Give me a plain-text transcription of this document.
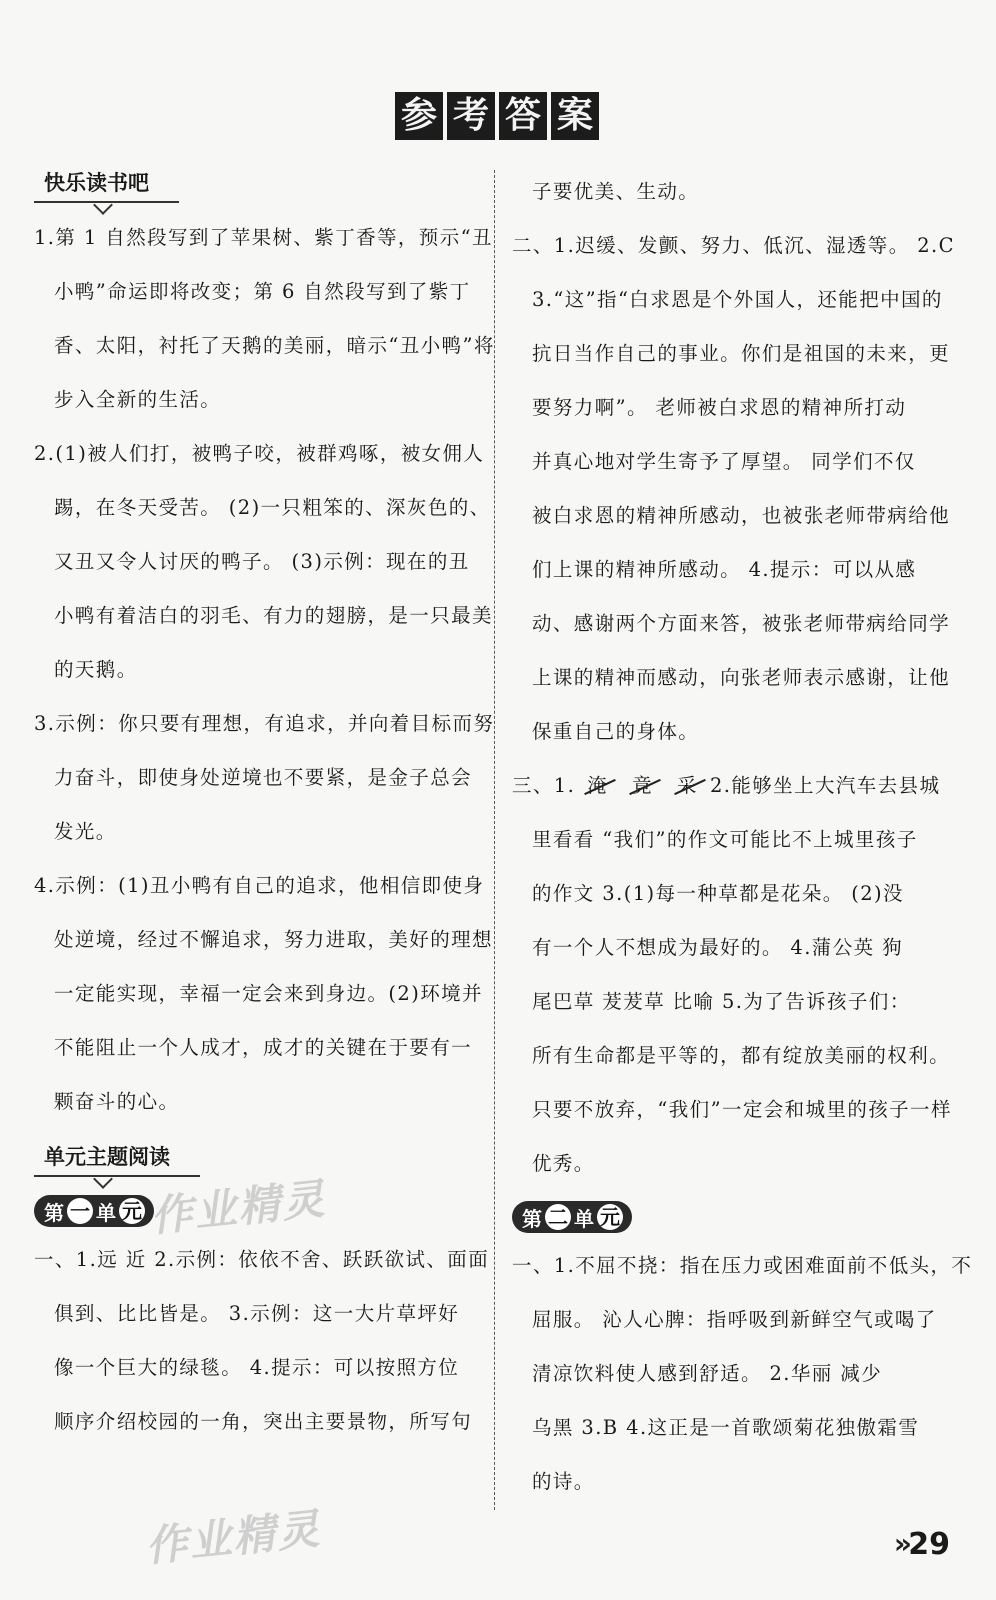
参 考 答 案
快乐读书吧
1.第 1 自然段写到了苹果树、紫丁香等，预示“丑
小鸭”命运即将改变；第 6 自然段写到了紫丁
香、太阳，衬托了天鹅的美丽，暗示“丑小鸭”将
步入全新的生活。
2.(1)被人们打，被鸭子咬，被群鸡啄，被女佣人
踢，在冬天受苦。 (2)一只粗笨的、深灰色的、
又丑又令人讨厌的鸭子。 (3)示例：现在的丑
小鸭有着洁白的羽毛、有力的翅膀，是一只最美
的天鹅。
3.示例：你只要有理想，有追求，并向着目标而努
力奋斗，即使身处逆境也不要紧，是金子总会
发光。
4.示例：(1)丑小鸭有自己的追求，他相信即使身
处逆境，经过不懈追求，努力进取，美好的理想
一定能实现，幸福一定会来到身边。(2)环境并
不能阻止一个人成才，成才的关键在于要有一
颗奋斗的心。
单元主题阅读
第 一 单 元
一、1.远 近 2.示例：依依不舍、跃跃欲试、面面
俱到、比比皆是。 3.示例：这一大片草坪好
像一个巨大的绿毯。 4.提示：可以按照方位
顺序介绍校园的一角，突出主要景物，所写句
子要优美、生动。
二、1.迟缓、发颤、努力、低沉、湿透等。 2.C
3.“这”指“白求恩是个外国人，还能把中国的
抗日当作自己的事业。你们是祖国的未来，更
要努力啊”。 老师被白求恩的精神所打动
并真心地对学生寄予了厚望。 同学们不仅
被白求恩的精神所感动，也被张老师带病给他
们上课的精神所感动。 4.提示：可以从感
动、感谢两个方面来答，被张老师带病给同学
上课的精神而感动，向张老师表示感谢，让他
保重自己的身体。
三、1. 淹 竟 采 2.能够坐上大汽车去县城
里看看 “我们”的作文可能比不上城里孩子
的作文 3.(1)每一种草都是花朵。 (2)没
有一个人不想成为最好的。 4.蒲公英 狗
尾巴草 茇茇草 比喻 5.为了告诉孩子们：
所有生命都是平等的，都有绽放美丽的权利。
只要不放弃，“我们”一定会和城里的孩子一样
优秀。
第 二 单 元
一、1.不屈不挠：指在压力或困难面前不低头，不
屈服。 沁人心脾：指呼吸到新鲜空气或喝了
清凉饮料使人感到舒适。 2.华丽 减少
乌黑 3.B 4.这正是一首歌颂菊花独傲霜雪
的诗。
作业精灵
作业精灵	» 29
